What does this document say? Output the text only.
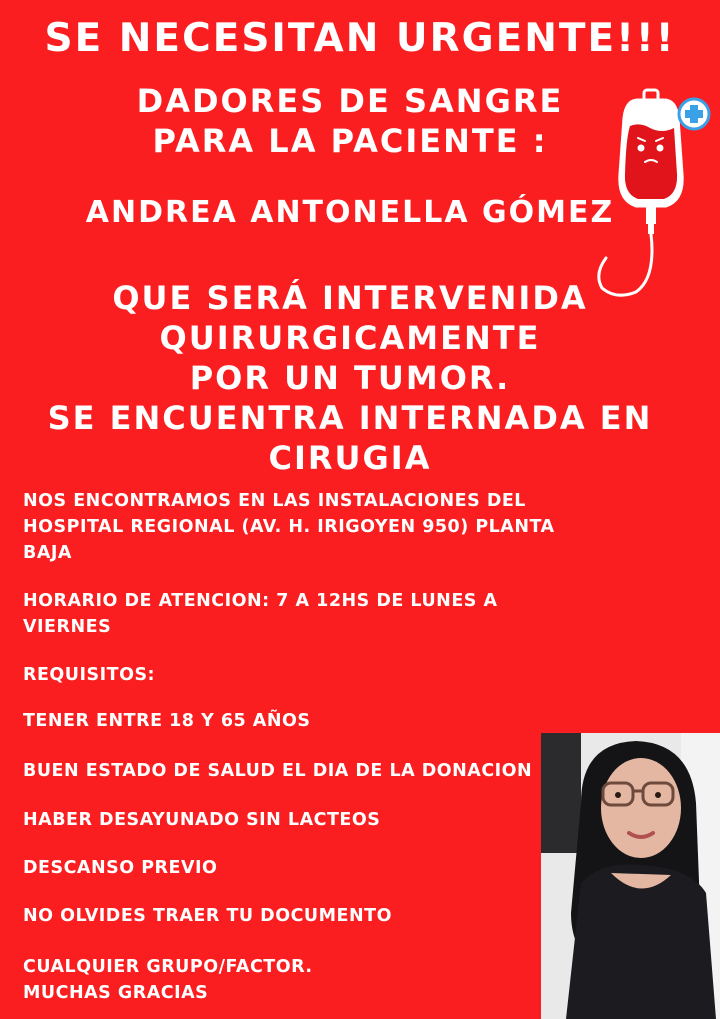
SE NECESITAN URGENTE!!!
DADORES DE SANGRE
PARA LA PACIENTE :
ANDREA ANTONELLA GÓMEZ
QUE SERÁ INTERVENIDA
QUIRURGICAMENTE
POR UN TUMOR.
SE ENCUENTRA INTERNADA EN
CIRUGIA
NOS ENCONTRAMOS EN LAS INSTALACIONES DEL
HOSPITAL REGIONAL (AV. H. IRIGOYEN 950) PLANTA
BAJA
HORARIO DE ATENCION: 7 A 12HS DE LUNES A
VIERNES
REQUISITOS:
TENER ENTRE 18 Y 65 AÑOS
BUEN ESTADO DE SALUD EL DIA DE LA DONACION
HABER DESAYUNADO SIN LACTEOS
DESCANSO PREVIO
NO OLVIDES TRAER TU DOCUMENTO
CUALQUIER GRUPO/FACTOR.
MUCHAS GRACIAS
